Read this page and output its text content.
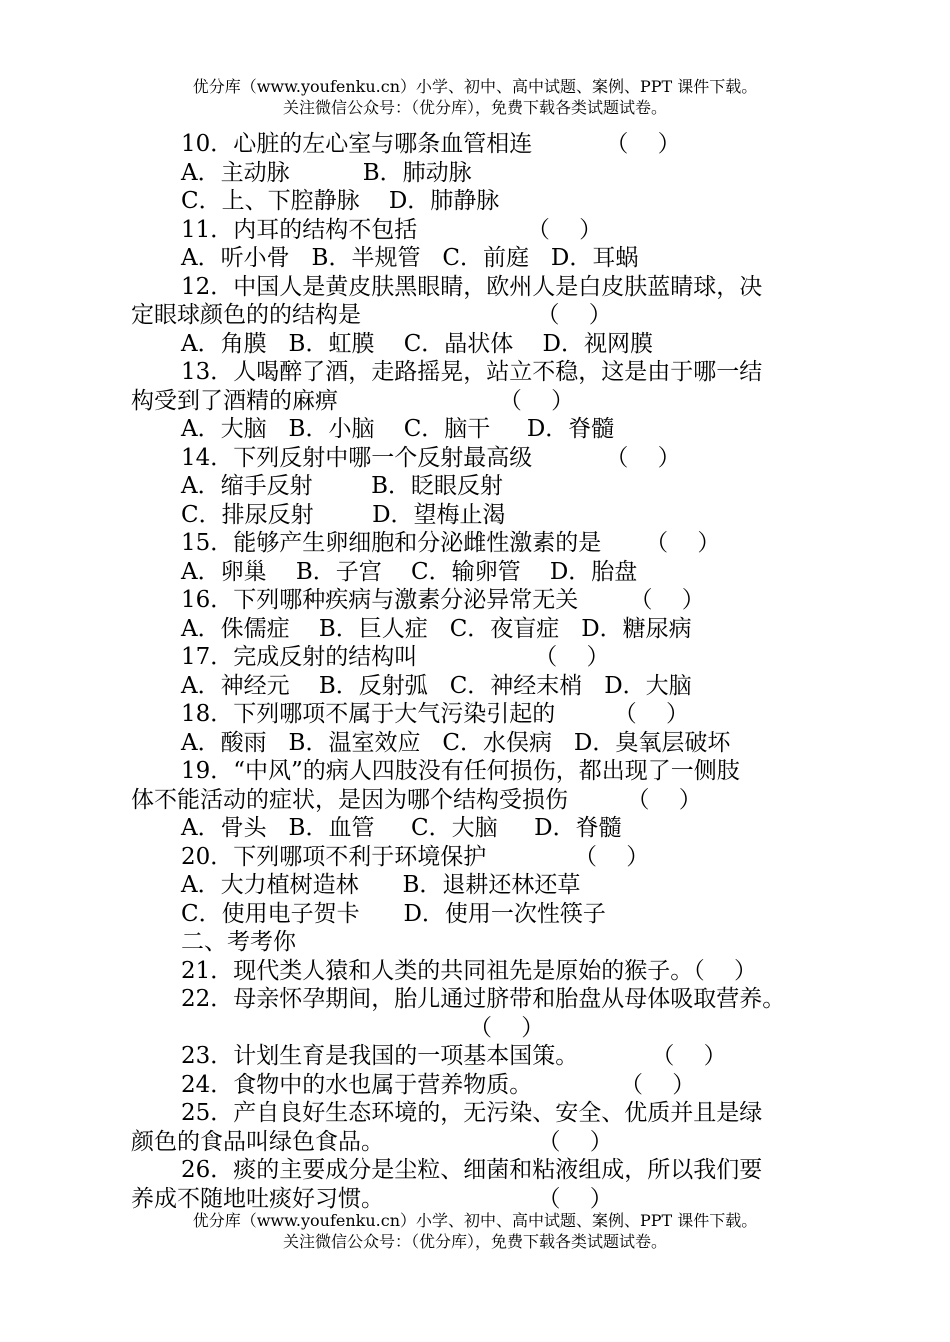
优分库（www.youfenku.cn）小学、初中、高中试题、案例、PPT 课件下载。
关注微信公众号：（优分库），免费下载各类试题试卷。
10．心脏的左心室与哪条血管相连          （    ）
A．主动脉          B．肺动脉
C．上、下腔静脉    D．肺静脉
11．内耳的结构不包括               （    ）
A．听小骨   B．半规管   C．前庭   D．耳蜗
12．中国人是黄皮肤黑眼睛，欧州人是白皮肤蓝睛球，决
定眼球颜色的的结构是                        （    ）
A．角膜   B．虹膜    C．晶状体    D．视网膜
13．人喝醉了酒，走路摇晃，站立不稳，这是由于哪一结
构受到了酒精的麻痹                      （    ）
A．大脑   B．小脑    C．脑干     D．脊髓
14．下列反射中哪一个反射最高级          （    ）
A．缩手反射        B．眨眼反射
C．排尿反射        D．望梅止渴
15．能够产生卵细胞和分泌雌性激素的是      （    ）
A．卵巢    B．子宫    C．输卵管    D．胎盘
16．下列哪种疾病与激素分泌异常无关       （    ）
A．侏儒症    B．巨人症   C．夜盲症   D．糖尿病
17．完成反射的结构叫                （    ）
A．神经元    B．反射弧   C．神经末梢   D．大脑
18．下列哪项不属于大气污染引起的        （    ）
A．酸雨   B．温室效应   C．水俣病   D．臭氧层破坏
19．“中风”的病人四肢没有任何损伤，都出现了一侧肢
体不能活动的症状，是因为哪个结构受损伤        （    ）
A．骨头   B．血管     C．大脑     D．脊髓
20．下列哪项不利于环境保护            （    ）
A．大力植树造林      B．退耕还林还草
C．使用电子贺卡      D．使用一次性筷子
二、考考你
21．现代类人猿和人类的共同祖先是原始的猴子。（    ）
22．母亲怀孕期间，胎儿通过脐带和胎盘从母体吸取营养。
（    ）
23．计划生育是我国的一项基本国策。          （    ）
24．食物中的水也属于营养物质。            （    ）
25．产自良好生态环境的，无污染、安全、优质并且是绿
颜色的食品叫绿色食品。                     （    ）
26．痰的主要成分是尘粒、细菌和粘液组成，所以我们要
养成不随地吐痰好习惯。                     （    ）
优分库（www.youfenku.cn）小学、初中、高中试题、案例、PPT 课件下载。
关注微信公众号：（优分库），免费下载各类试题试卷。
